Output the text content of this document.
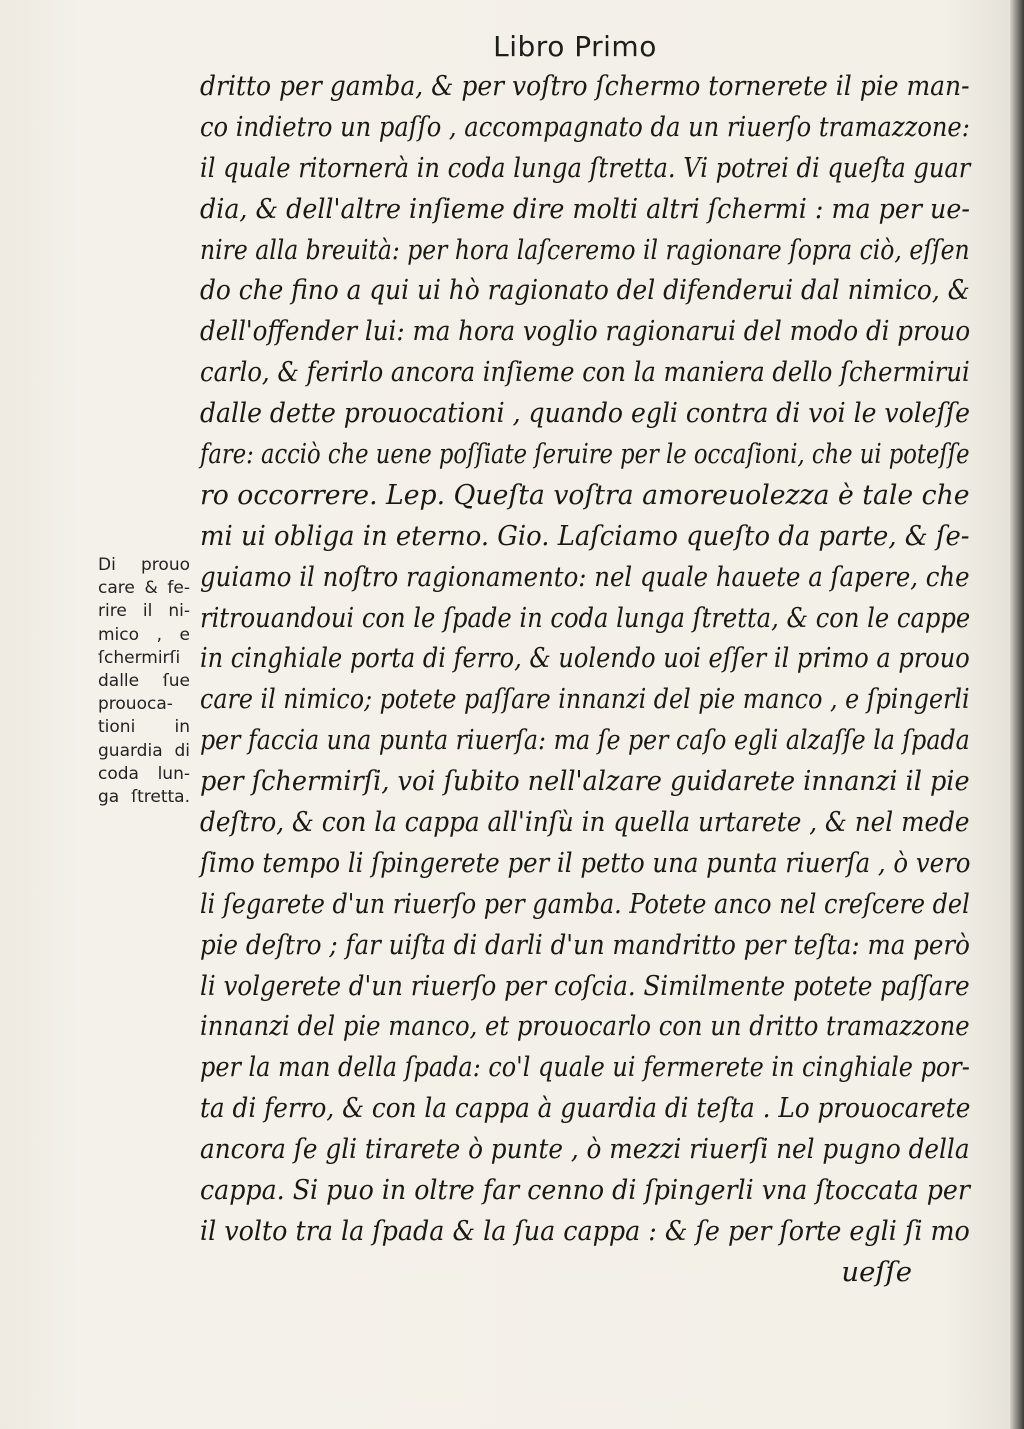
Libro Primo
Di prouo
care & fe-
rire il ni-
mico , e
ſchermirſi
dalle ſue
prouoca-
tioni in
guardia di
coda lun-
ga ſtretta.
dritto per gamba, & per voſtro ſchermo tornerete il pie man-
co indietro un paſſo , accompagnato da un riuerſo tramazzone:
il quale ritornerà in coda lunga ſtretta. Vi potrei di queſta guar
dia, & dell'altre inſieme dire molti altri ſchermi : ma per ue-
nire alla breuità: per hora laſceremo il ragionare ſopra ciò, eſſen
do che fino a qui ui hò ragionato del difenderui dal nimico, &
dell'offender lui: ma hora voglio ragionarui del modo di prouo
carlo, & ferirlo ancora inſieme con la maniera dello ſchermirui
dalle dette prouocationi , quando egli contra di voi le voleſſe
fare: acciò che uene poſſiate ſeruire per le occaſioni, che ui poteſſe
ro occorrere. Lep. Queſta voſtra amoreuolezza è tale che
mi ui obliga in eterno. Gio. Laſciamo queſto da parte, & ſe-
guiamo il noſtro ragionamento: nel quale hauete a ſapere, che
ritrouandoui con le ſpade in coda lunga ſtretta, & con le cappe
in cinghiale porta di ferro, & uolendo uoi eſſer il primo a prouo
care il nimico; potete paſſare innanzi del pie manco , e ſpingerli
per faccia una punta riuerſa: ma ſe per caſo egli alzaſſe la ſpada
per ſchermirſi, voi ſubito nell'alzare guidarete innanzi il pie
deſtro, & con la cappa all'inſù in quella urtarete , & nel mede
ſimo tempo li ſpingerete per il petto una punta riuerſa , ò vero
li ſegarete d'un riuerſo per gamba. Potete anco nel creſcere del
pie deſtro ; far uiſta di darli d'un mandritto per teſta: ma però
li volgerete d'un riuerſo per coſcia. Similmente potete paſſare
innanzi del pie manco, et prouocarlo con un dritto tramazzone
per la man della ſpada: co'l quale ui fermerete in cinghiale por-
ta di ferro, & con la cappa à guardia di teſta . Lo prouocarete
ancora ſe gli tirarete ò punte , ò mezzi riuerſi nel pugno della
cappa. Si puo in oltre far cenno di ſpingerli vna ſtoccata per
il volto tra la ſpada & la ſua cappa : & ſe per ſorte egli ſi mo
ueſſe
